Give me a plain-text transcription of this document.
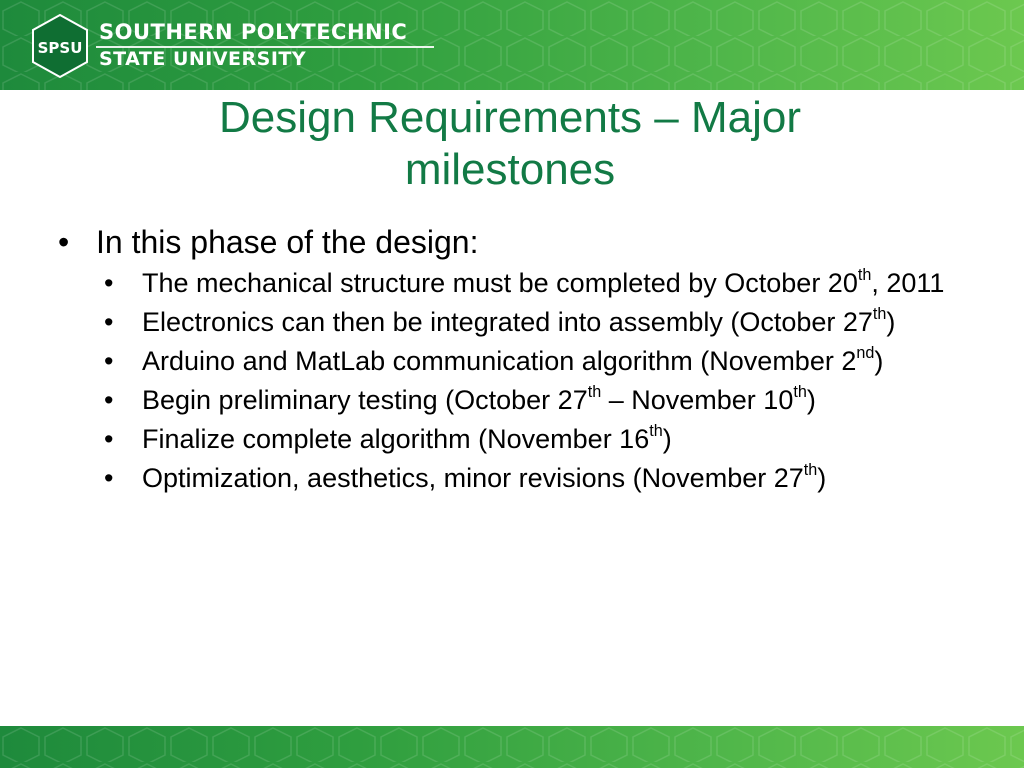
SPSU
SOUTHERN POLYTECHNIC
STATE UNIVERSITY
Design Requirements – Major
milestones
• In this phase of the design:
• The mechanical structure must be completed by October 20th, 2011
• Electronics can then be integrated into assembly (October 27th)
• Arduino and MatLab communication algorithm (November 2nd)
• Begin preliminary testing (October 27th – November 10th)
• Finalize complete algorithm (November 16th)
• Optimization, aesthetics, minor revisions (November 27th)
